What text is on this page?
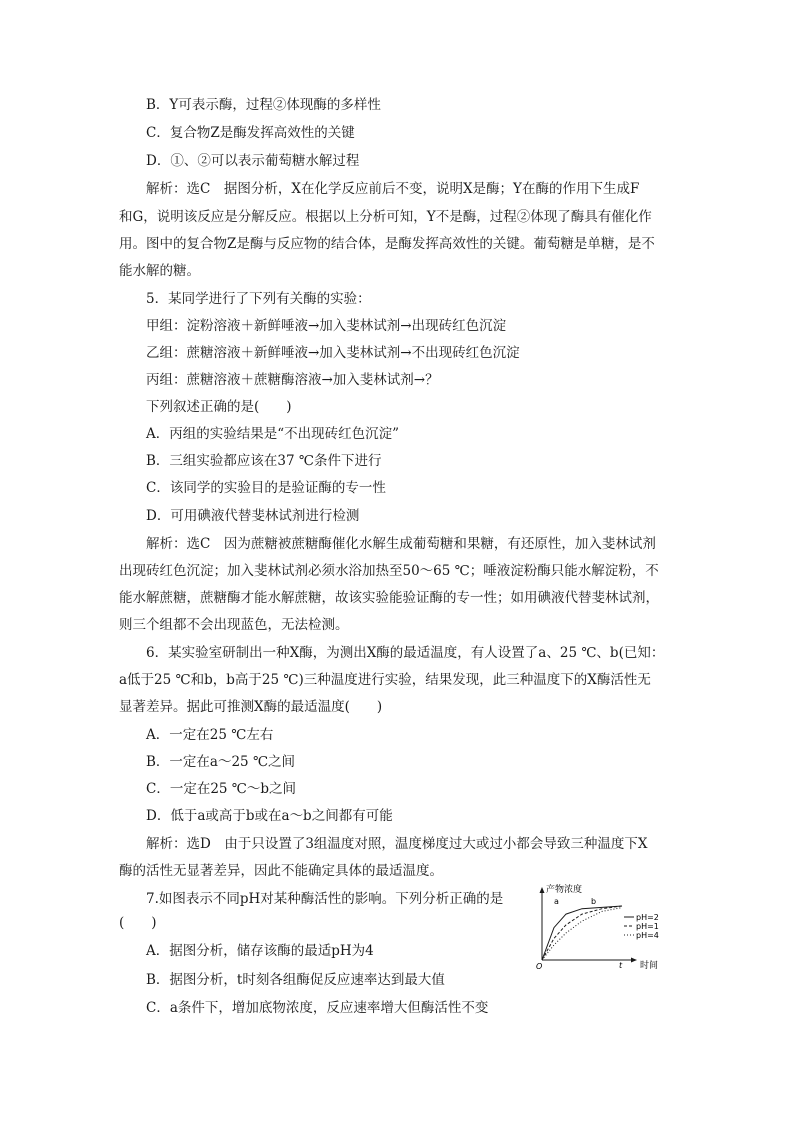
B．Y可表示酶，过程②体现酶的多样性
C．复合物Z是酶发挥高效性的关键
D．①、②可以表示葡萄糖水解过程
解析：选C　据图分析，X在化学反应前后不变，说明X是酶；Y在酶的作用下生成F
和G，说明该反应是分解反应。根据以上分析可知，Y不是酶，过程②体现了酶具有催化作
用。图中的复合物Z是酶与反应物的结合体，是酶发挥高效性的关键。葡萄糖是单糖，是不
能水解的糖。
5．某同学进行了下列有关酶的实验：
甲组：淀粉溶液＋新鲜唾液→加入斐林试剂→出现砖红色沉淀
乙组：蔗糖溶液＋新鲜唾液→加入斐林试剂→不出现砖红色沉淀
丙组：蔗糖溶液＋蔗糖酶溶液→加入斐林试剂→？
下列叙述正确的是(　　)
A．丙组的实验结果是“不出现砖红色沉淀”
B．三组实验都应该在37 ℃条件下进行
C．该同学的实验目的是验证酶的专一性
D．可用碘液代替斐林试剂进行检测
解析：选C　因为蔗糖被蔗糖酶催化水解生成葡萄糖和果糖，有还原性，加入斐林试剂
出现砖红色沉淀；加入斐林试剂必须水浴加热至50～65 ℃；唾液淀粉酶只能水解淀粉，不
能水解蔗糖，蔗糖酶才能水解蔗糖，故该实验能验证酶的专一性；如用碘液代替斐林试剂，
则三个组都不会出现蓝色，无法检测。
6．某实验室研制出一种X酶，为测出X酶的最适温度，有人设置了a、25 ℃、b(已知：
a低于25 ℃和b，b高于25 ℃)三种温度进行实验，结果发现，此三种温度下的X酶活性无
显著差异。据此可推测X酶的最适温度(　　)
A．一定在25 ℃左右
B．一定在a～25 ℃之间
C．一定在25 ℃～b之间
D．低于a或高于b或在a～b之间都有可能
解析：选D　由于只设置了3组温度对照，温度梯度过大或过小都会导致三种温度下X
酶的活性无显著差异，因此不能确定具体的最适温度。
7.如图表示不同pH对某种酶活性的影响。下列分析正确的是
(　　)
A．据图分析，储存该酶的最适pH为4
B．据图分析，t时刻各组酶促反应速率达到最大值
C．a条件下，增加底物浓度，反应速率增大但酶活性不变
产物浓度
O	t 时间
a	b
pH=2
pH=1
pH=4
